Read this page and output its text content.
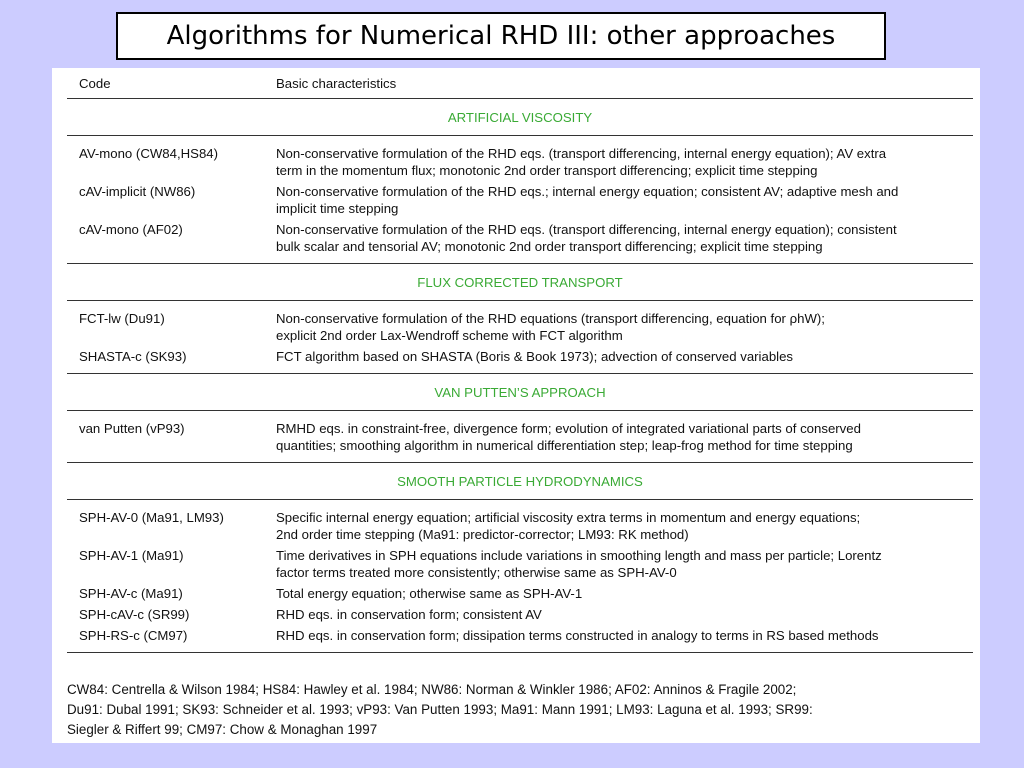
Algorithms for Numerical RHD III: other approaches
Code	Basic characteristics
ARTIFICIAL VISCOSITY
AV-mono (CW84,HS84)	Non-conservative formulation of the RHD eqs. (transport differencing, internal energy equation); AV extra
term in the momentum flux; monotonic 2nd order transport differencing; explicit time stepping
cAV-implicit (NW86)	Non-conservative formulation of the RHD eqs.; internal energy equation; consistent AV; adaptive mesh and
implicit time stepping
cAV-mono (AF02)	Non-conservative formulation of the RHD eqs. (transport differencing, internal energy equation); consistent
bulk scalar and tensorial AV; monotonic 2nd order transport differencing; explicit time stepping
FLUX CORRECTED TRANSPORT
FCT-lw (Du91)	Non-conservative formulation of the RHD equations (transport differencing, equation for ρhW);
explicit 2nd order Lax-Wendroff scheme with FCT algorithm
SHASTA-c (SK93)	FCT algorithm based on SHASTA (Boris & Book 1973); advection of conserved variables
VAN PUTTEN’S APPROACH
van Putten (vP93)	RMHD eqs. in constraint-free, divergence form; evolution of integrated variational parts of conserved
quantities; smoothing algorithm in numerical differentiation step; leap-frog method for time stepping
SMOOTH PARTICLE HYDRODYNAMICS
SPH-AV-0 (Ma91, LM93)	Specific internal energy equation; artificial viscosity extra terms in momentum and energy equations;
2nd order time stepping (Ma91: predictor-corrector; LM93: RK method)
SPH-AV-1 (Ma91)	Time derivatives in SPH equations include variations in smoothing length and mass per particle; Lorentz
factor terms treated more consistently; otherwise same as SPH-AV-0
SPH-AV-c (Ma91)	Total energy equation; otherwise same as SPH-AV-1
SPH-cAV-c (SR99)	RHD eqs. in conservation form; consistent AV
SPH-RS-c (CM97)	RHD eqs. in conservation form; dissipation terms constructed in analogy to terms in RS based methods
CW84: Centrella & Wilson 1984; HS84: Hawley et al. 1984; NW86: Norman & Winkler 1986; AF02: Anninos & Fragile 2002;
Du91: Dubal 1991; SK93: Schneider et al. 1993; vP93: Van Putten 1993; Ma91: Mann 1991; LM93: Laguna et al. 1993; SR99:
Siegler & Riffert 99; CM97: Chow & Monaghan 1997
